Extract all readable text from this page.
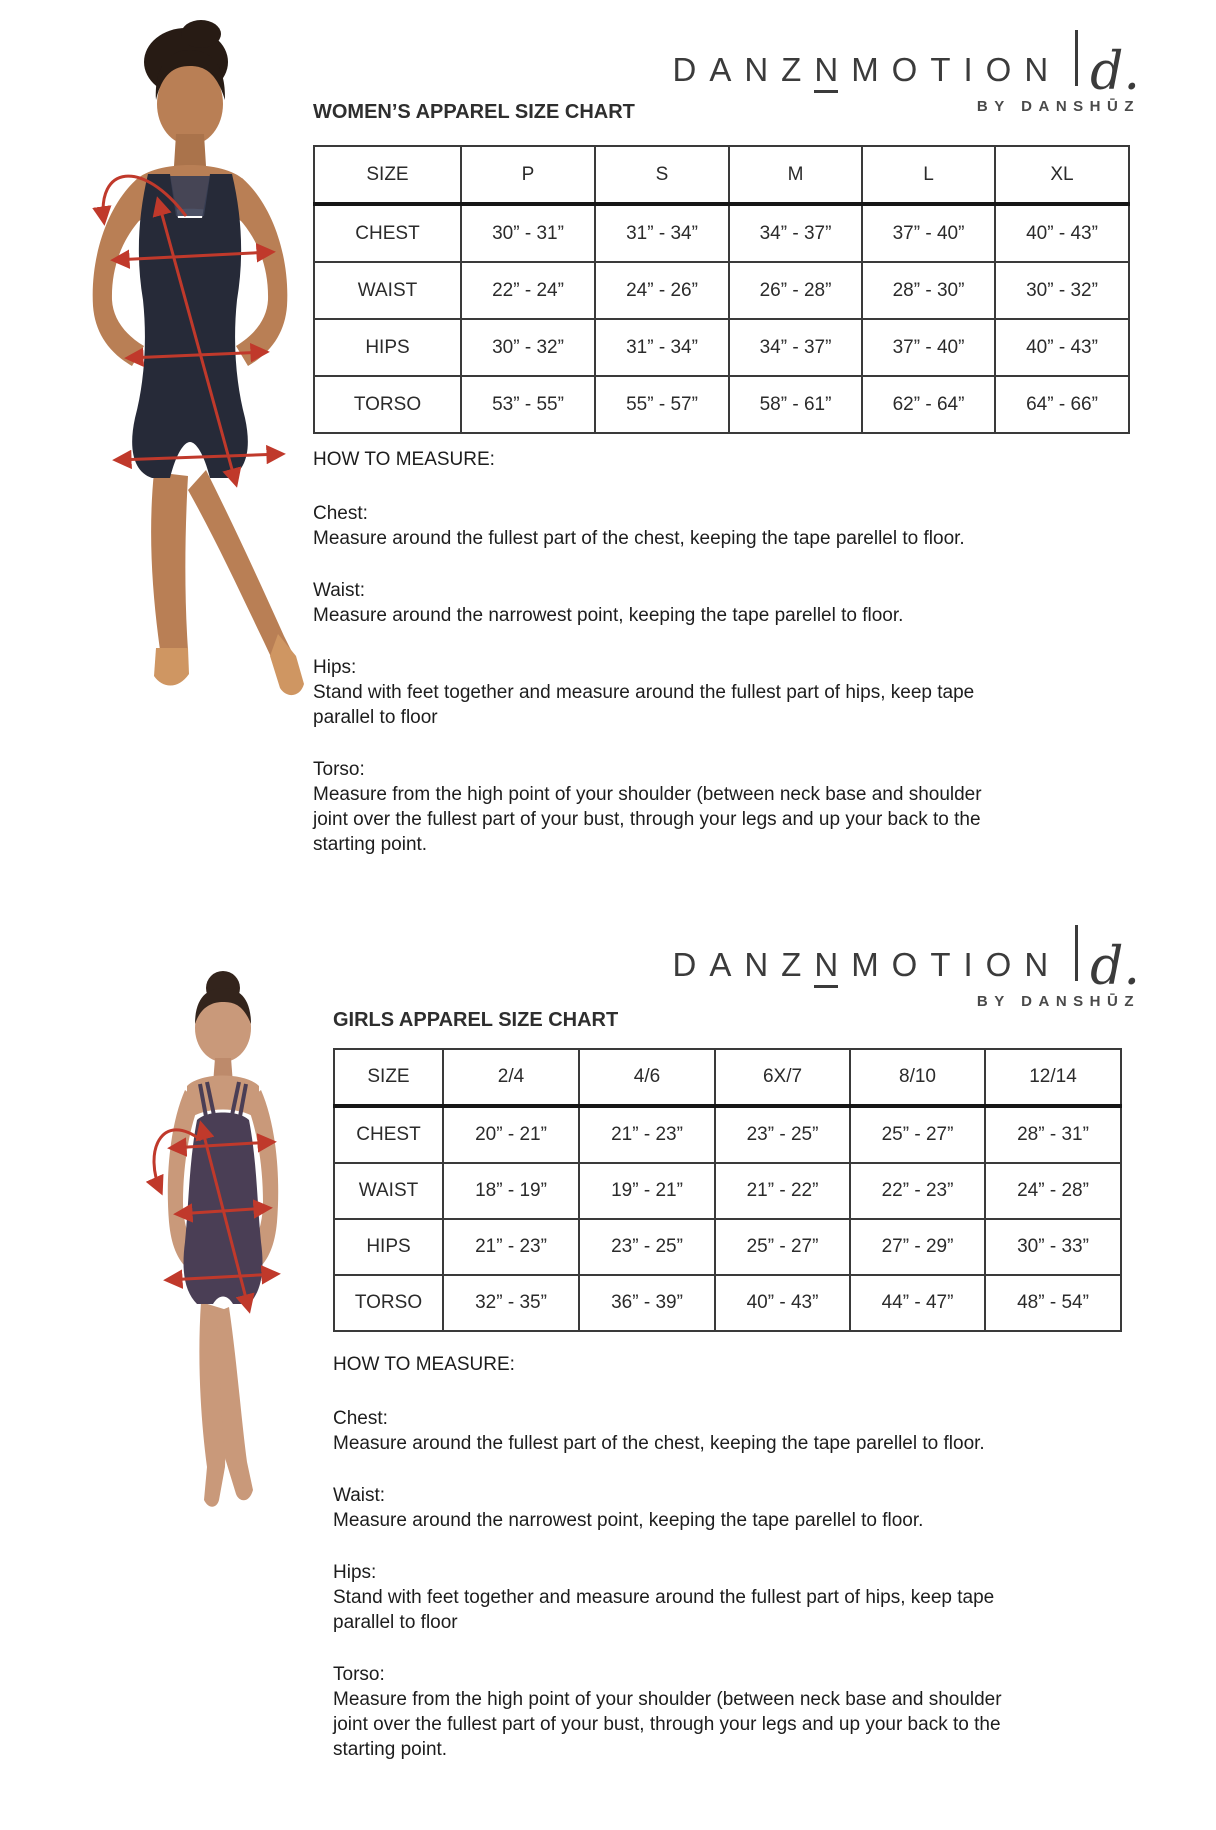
DANZN MOTION d.
BY DANSHŪZ
WOMEN’S APPAREL SIZE CHART
SIZE	P	S	M	L	XL
CHEST	30” - 31”	31” - 34”	34” - 37”	37” - 40”	40” - 43”
WAIST	22” - 24”	24” - 26”	26” - 28”	28” - 30”	30” - 32”
HIPS	30” - 32”	31” - 34”	34” - 37”	37” - 40”	40” - 43”
TORSO	53” - 55”	55” - 57”	58” - 61”	62” - 64”	64” - 66”
HOW TO MEASURE:
Chest:
Measure around the fullest part of the chest, keeping the tape parellel to floor.
Waist:
Measure around the narrowest point, keeping the tape parellel to floor.
Hips:
Stand with feet together and measure around the fullest part of hips, keep tape parallel to floor
Torso:
Measure from the high point of your shoulder (between neck base and shoulder joint over the fullest part of your bust, through your legs and up your back to the starting point.
DANZN MOTION d.
BY DANSHŪZ
GIRLS APPAREL SIZE CHART
SIZE	2/4	4/6	6X/7	8/10	12/14
CHEST	20” - 21”	21” - 23”	23” - 25”	25” - 27”	28” - 31”
WAIST	18” - 19”	19” - 21”	21” - 22”	22” - 23”	24” - 28”
HIPS	21” - 23”	23” - 25”	25” - 27”	27” - 29”	30” - 33”
TORSO	32” - 35”	36” - 39”	40” - 43”	44” - 47”	48” - 54”
HOW TO MEASURE:
Chest:
Measure around the fullest part of the chest, keeping the tape parellel to floor.
Waist:
Measure around the narrowest point, keeping the tape parellel to floor.
Hips:
Stand with feet together and measure around the fullest part of hips, keep tape parallel to floor
Torso:
Measure from the high point of your shoulder (between neck base and shoulder joint over the fullest part of your bust, through your legs and up your back to the starting point.
